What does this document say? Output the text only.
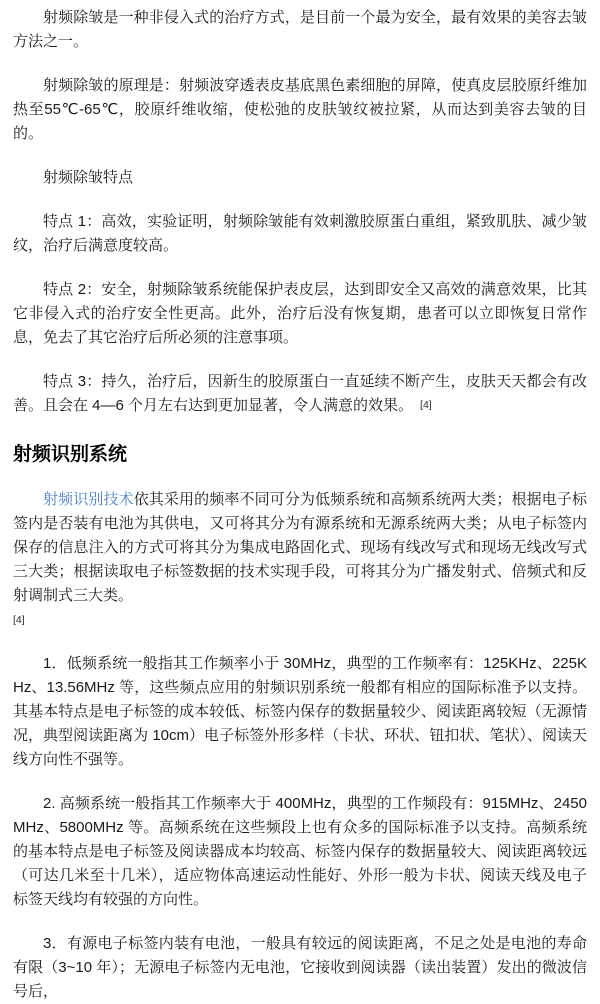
射频除皱是一种非侵入式的治疗方式，是目前一个最为安全，最有效果的美容去皱方法之一。

射频除皱的原理是：射频波穿透表皮基底黑色素细胞的屏障，使真皮层胶原纤维加热至55℃-65℃，胶原纤维收缩，使松弛的皮肤皱纹被拉紧，从而达到美容去皱的目的。

射频除皱特点

特点 1：高效，实验证明，射频除皱能有效刺激胶原蛋白重组，紧致肌肤、减少皱纹，治疗后满意度较高。

特点 2：安全，射频除皱系统能保护表皮层，达到即安全又高效的满意效果，比其它非侵入式的治疗安全性更高。此外，治疗后没有恢复期，患者可以立即恢复日常作息，免去了其它治疗后所必须的注意事项。

特点 3：持久，治疗后，因新生的胶原蛋白一直延续不断产生，皮肤天天都会有改善。且会在 4—6 个月左右达到更加显著，令人满意的效果。 [4]

射频识别系统

射频识别技术依其采用的频率不同可分为低频系统和高频系统两大类；根据电子标签内是否装有电池为其供电，又可将其分为有源系统和无源系统两大类；从电子标签内保存的信息注入的方式可将其分为集成电路固化式、现场有线改写式和现场无线改写式三大类；根据读取电子标签数据的技术实现手段，可将其分为广播发射式、倍频式和反射调制式三大类。

[4]

1．低频系统一般指其工作频率小于 30MHz，典型的工作频率有：125KHz、225KHz、13.56MHz 等，这些频点应用的射频识别系统一般都有相应的国际标准予以支持。其基本特点是电子标签的成本较低、标签内保存的数据量较少、阅读距离较短（无源情况，典型阅读距离为 10cm）电子标签外形多样（卡状、环状、钮扣状、笔状）、阅读天线方向性不强等。

2. 高频系统一般指其工作频率大于 400MHz，典型的工作频段有：915MHz、2450MHz、5800MHz 等。高频系统在这些频段上也有众多的国际标准予以支持。高频系统的基本特点是电子标签及阅读器成本均较高、标签内保存的数据量较大、阅读距离较远（可达几米至十几米），适应物体高速运动性能好、外形一般为卡状、阅读天线及电子标签天线均有较强的方向性。

3．有源电子标签内装有电池，一般具有较远的阅读距离，不足之处是电池的寿命有限（3~10 年）；无源电子标签内无电池，它接收到阅读器（读出装置）发出的微波信号后，
